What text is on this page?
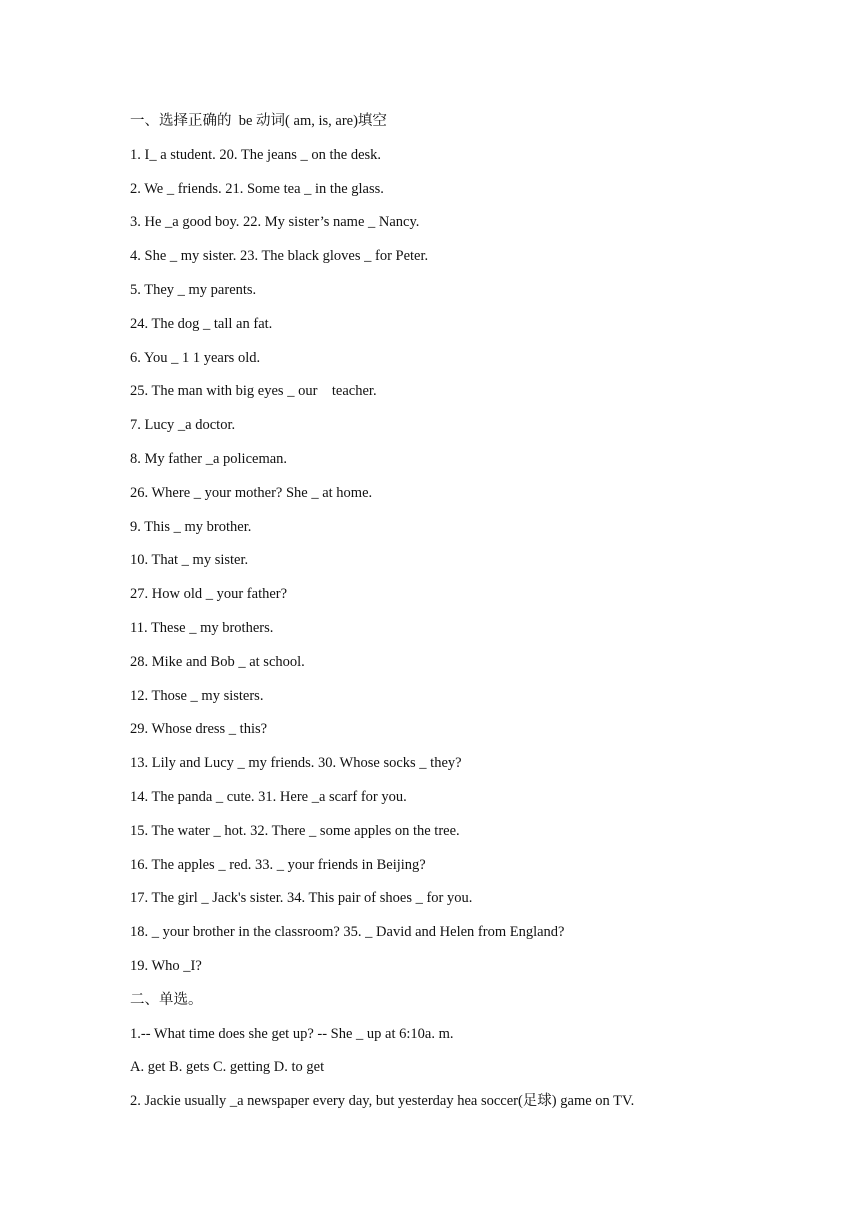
一、选择正确的  be 动词( am, is, are)填空
1. I_ a student. 20. The jeans _ on the desk.
2. We _ friends. 21. Some tea _ in the glass.
3. He _a good boy. 22. My sister’s name _ Nancy.
4. She _ my sister. 23. The black gloves _ for Peter.
5. They _ my parents.
24. The dog _ tall an fat.
6. You _ 1 1 years old.
25. The man with big eyes _ our    teacher.
7. Lucy _a doctor.
8. My father _a policeman.
26. Where _ your mother? She _ at home.
9. This _ my brother.
10. That _ my sister.
27. How old _ your father?
11. These _ my brothers.
28. Mike and Bob _ at school.
12. Those _ my sisters.
29. Whose dress _ this?
13. Lily and Lucy _ my friends. 30. Whose socks _ they?
14. The panda _ cute. 31. Here _a scarf for you.
15. The water _ hot. 32. There _ some apples on the tree.
16. The apples _ red. 33. _ your friends in Beijing?
17. The girl _ Jack's sister. 34. This pair of shoes _ for you.
18. _ your brother in the classroom? 35. _ David and Helen from England?
19. Who _I?
二、单选。
1.-- What time does she get up? -- She _ up at 6:10a. m.
A. get B. gets C. getting D. to get
2. Jackie usually _a newspaper every day, but yesterday hea soccer(足球) game on TV.
